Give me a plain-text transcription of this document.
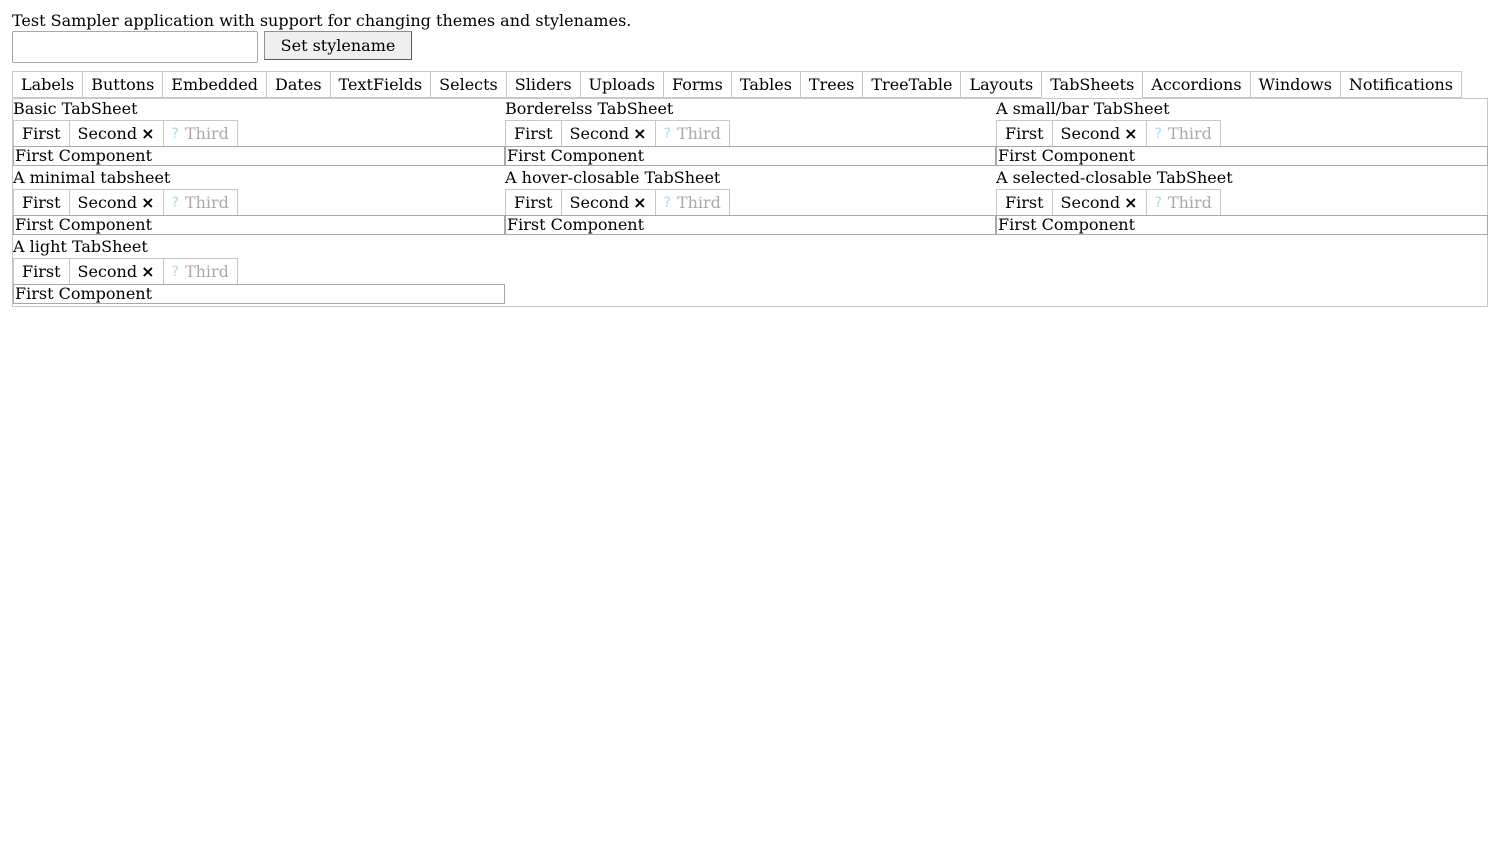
Test Sampler application with support for changing themes and stylenames.
Set stylename
Labels	Buttons	Embedded	Dates	TextFields	Selects	Sliders	Uploads	Forms	Tables	Trees	TreeTable	Layouts	TabSheets	Accordions	Windows	Notifications
Basic TabSheet
First Second × ? Third
First Component
Borderelss TabSheet
First Second × ? Third
First Component
A small/bar TabSheet
First Second × ? Third
First Component
A minimal tabsheet
First Second × ? Third
First Component
A hover-closable TabSheet
First Second × ? Third
First Component
A selected-closable TabSheet
First Second × ? Third
First Component
A light TabSheet
First Second × ? Third
First Component
